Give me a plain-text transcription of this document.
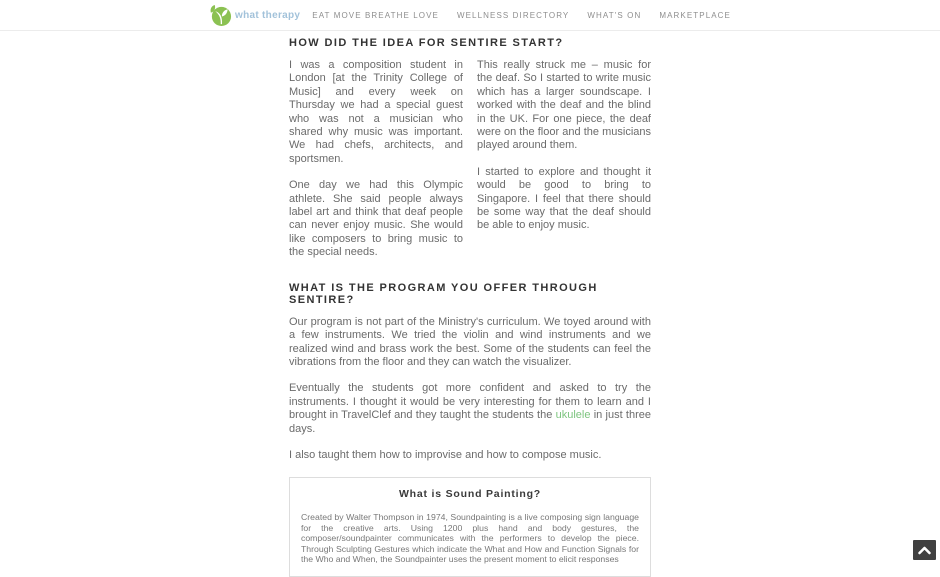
what therapy EAT MOVE BREATHE LOVE WELLNESS DIRECTORY WHAT'S ON MARKETPLACE
HOW DID THE IDEA FOR SENTIRE START?

I was a composition student in London [at the Trinity College of Music] and every week on Thursday we had a special guest who was not a musician who shared why music was important. We had chefs, architects, and sportsmen.

One day we had this Olympic athlete. She said people always label art and think that deaf people can never enjoy music. She would like composers to bring music to the special needs.

This really struck me – music for the deaf. So I started to write music which has a larger soundscape. I worked with the deaf and the blind in the UK. For one piece, the deaf were on the floor and the musicians played around them.

I started to explore and thought it would be good to bring to Singapore. I feel that there should be some way that the deaf should be able to enjoy music.

WHAT IS THE PROGRAM YOU OFFER THROUGH SENTIRE?

Our program is not part of the Ministry's curriculum. We toyed around with a few instruments. We tried the violin and wind instruments and we realized wind and brass work the best. Some of the students can feel the vibrations from the floor and they can watch the visualizer.

Eventually the students got more confident and asked to try the instruments. I thought it would be very interesting for them to learn and I brought in TravelClef and they taught the students the ukulele in just three days.

I also taught them how to improvise and how to compose music.

What is Sound Painting?

Created by Walter Thompson in 1974, Soundpainting is a live composing sign language for the creative arts. Using 1200 plus hand and body gestures, the composer/soundpainter communicates with the performers to develop the piece. Through Sculpting Gestures which indicate the What and How and Function Signals for the Who and When, the Soundpainter uses the present moment to elicit responses
